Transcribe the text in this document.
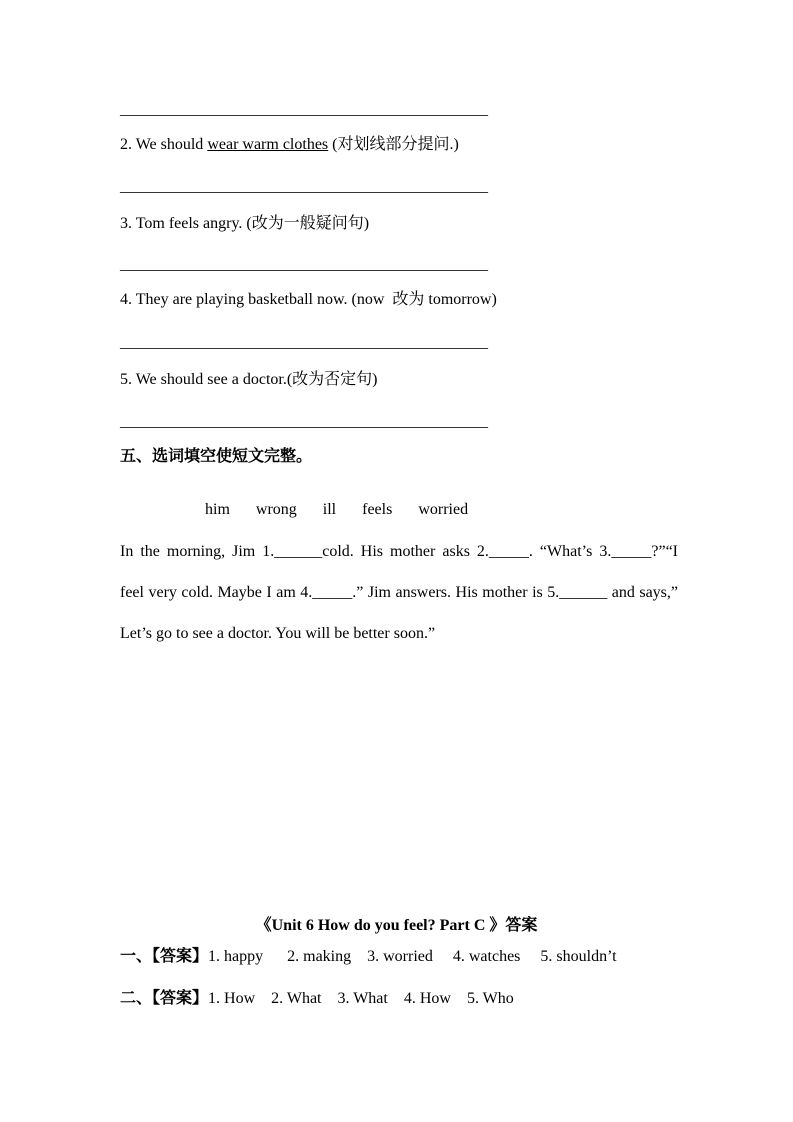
______________________________________________
2. We should wear warm clothes (对划线部分提问.)
______________________________________________
3. Tom feels angry. (改为一般疑问句)
______________________________________________
4. They are playing basketball now. (now  改为 tomorrow)
______________________________________________
5. We should see a doctor.(改为否定句)
______________________________________________
五、选词填空使短文完整。
him wrong ill feels worried
In the morning, Jim 1.______cold. His mother asks 2._____. “What’s 3._____?”“I
feel very cold. Maybe I am 4._____.” Jim answers. His mother is 5.______ and says,”
Let’s go to see a doctor. You will be better soon.”
《Unit 6 How do you feel? Part C 》答案
一、【答案】1. happy      2. making    3. worried     4. watches     5. shouldn’t
二、【答案】1. How    2. What    3. What    4. How    5. Who
